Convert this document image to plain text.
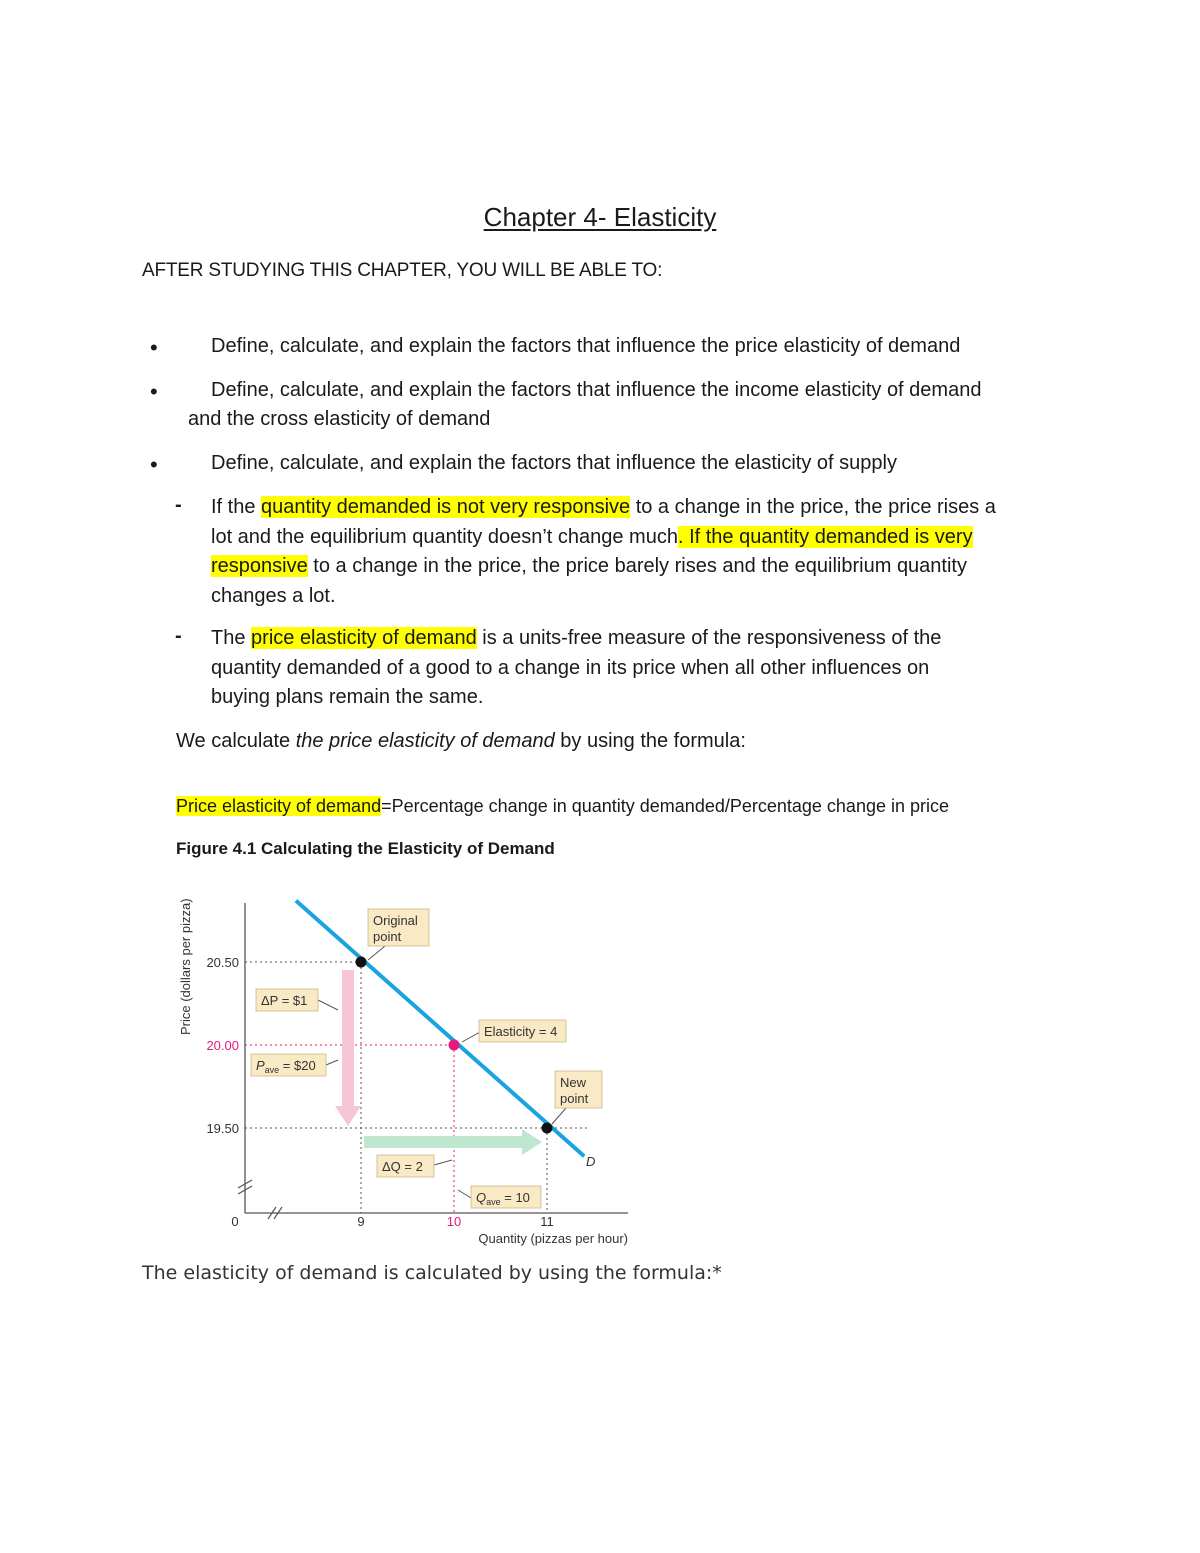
Chapter 4- Elasticity
AFTER STUDYING THIS CHAPTER, YOU WILL BE ABLE TO:
•	Define, calculate, and explain the factors that influence the price elasticity of demand
•	Define, calculate, and explain the factors that influence the income elasticity of demand
and the cross elasticity of demand
•	Define, calculate, and explain the factors that influence the elasticity of supply
- If the quantity demanded is not very responsive to a change in the price, the price rises a
lot and the equilibrium quantity doesn’t change much. If the quantity demanded is very
responsive to a change in the price, the price barely rises and the equilibrium quantity
changes a lot.
- The price elasticity of demand is a units-free measure of the responsiveness of the
quantity demanded of a good to a change in its price when all other influences on
buying plans remain the same.
We calculate the price elasticity of demand by using the formula:
Price elasticity of demand=Percentage change in quantity demanded/Percentage change in price
Figure 4.1 Calculating the Elasticity of Demand
Price (dollars per pizza)
Quantity (pizzas per hour)
0	9	10	11
19.50
20.00
20.50
D
Original
point
Elasticity = 4
New
point
ΔP = $1
$P_{ave}$ = $20
ΔQ = 2
$Q_{ave} = 10$
The elasticity of demand is calculated by using the formula:*
